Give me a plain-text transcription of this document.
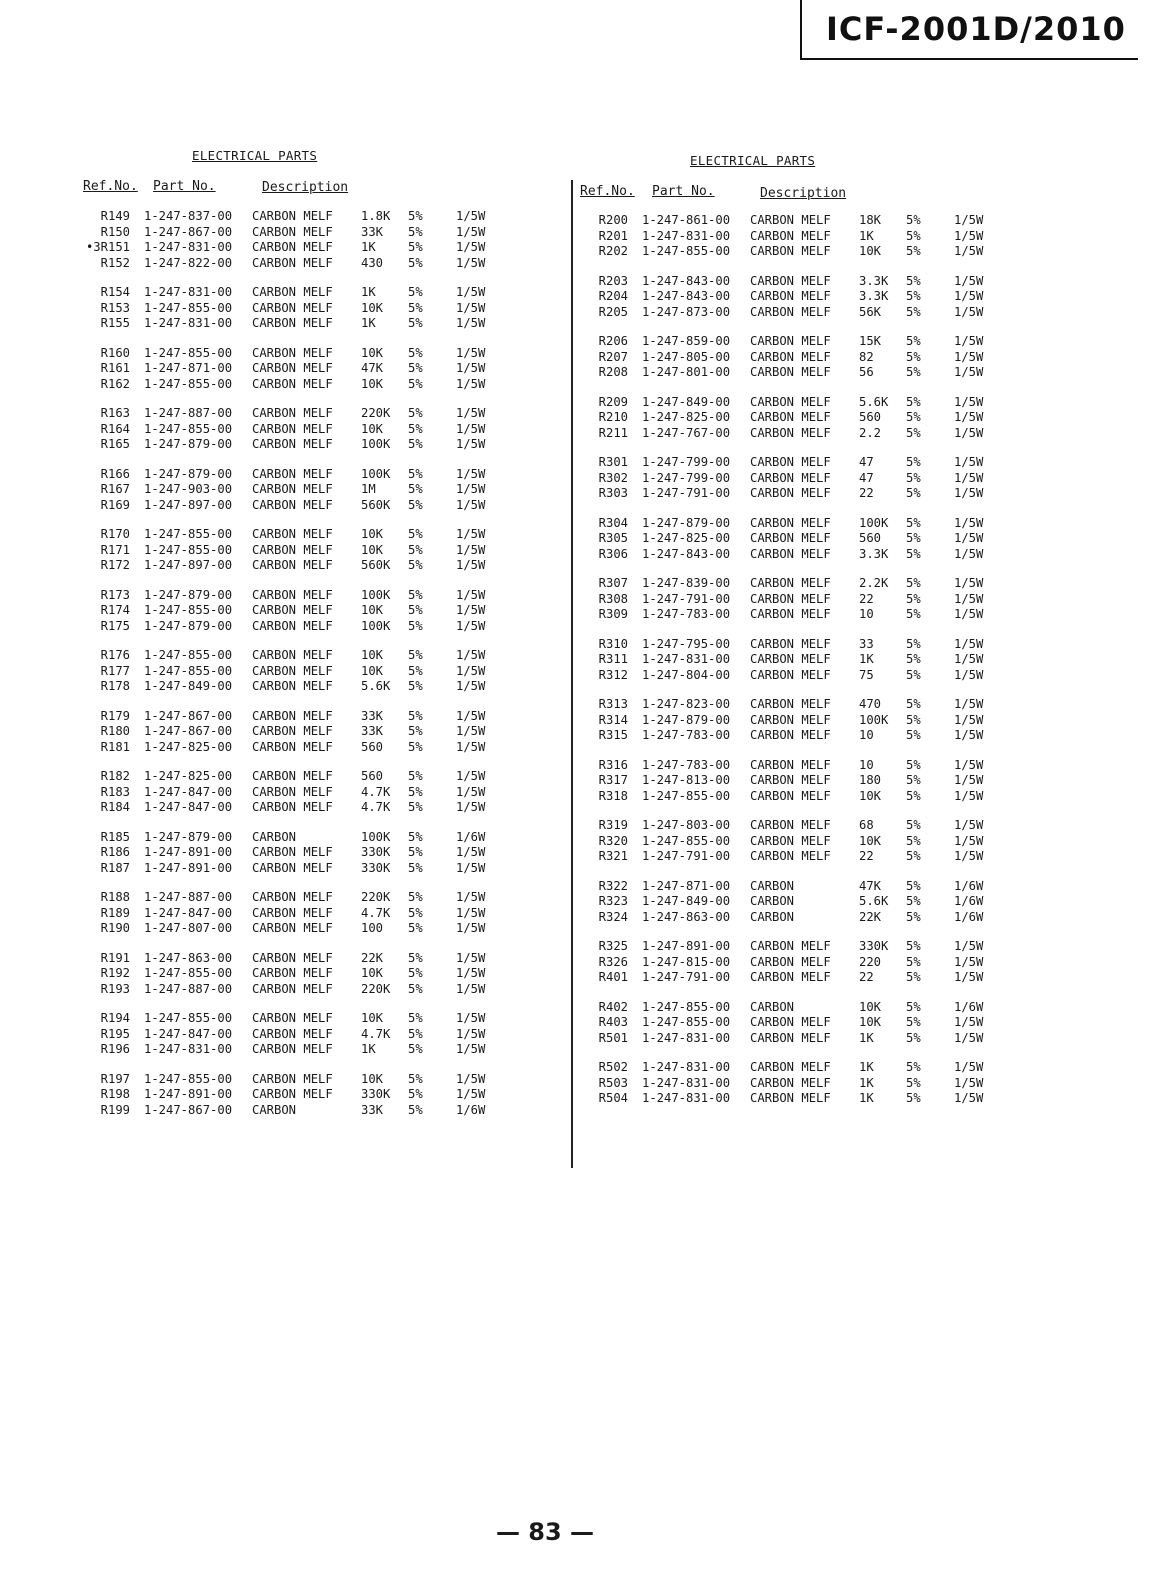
ICF-2001D/2010
ELECTRICAL PARTS
Ref.No. Part No.	Description
R149 1-247-837-00 CARBON MELF 1.8K 5%	1/5W
R150 1-247-867-00 CARBON MELF 33K 5%	1/5W
•3R151 1-247-831-00 CARBON MELF 1K	5%	1/5W
R152 1-247-822-00 CARBON MELF 430 5%	1/5W
R154 1-247-831-00 CARBON MELF 1K	5%	1/5W
R153 1-247-855-00 CARBON MELF 10K 5%	1/5W
R155 1-247-831-00 CARBON MELF 1K	5%	1/5W
R160 1-247-855-00 CARBON MELF 10K 5%	1/5W
R161 1-247-871-00 CARBON MELF 47K 5%	1/5W
R162 1-247-855-00 CARBON MELF 10K 5%	1/5W
R163 1-247-887-00 CARBON MELF 220K 5%	1/5W
R164 1-247-855-00 CARBON MELF 10K 5%	1/5W
R165 1-247-879-00 CARBON MELF 100K 5%	1/5W
R166 1-247-879-00 CARBON MELF 100K 5%	1/5W
R167 1-247-903-00 CARBON MELF 1M	5%	1/5W
R169 1-247-897-00 CARBON MELF 560K 5%	1/5W
R170 1-247-855-00 CARBON MELF 10K 5%	1/5W
R171 1-247-855-00 CARBON MELF 10K 5%	1/5W
R172 1-247-897-00 CARBON MELF 560K 5%	1/5W
R173 1-247-879-00 CARBON MELF 100K 5%	1/5W
R174 1-247-855-00 CARBON MELF 10K 5%	1/5W
R175 1-247-879-00 CARBON MELF 100K 5%	1/5W
R176 1-247-855-00 CARBON MELF 10K 5%	1/5W
R177 1-247-855-00 CARBON MELF 10K 5%	1/5W
R178 1-247-849-00 CARBON MELF 5.6K 5%	1/5W
R179 1-247-867-00 CARBON MELF 33K 5%	1/5W
R180 1-247-867-00 CARBON MELF 33K 5%	1/5W
R181 1-247-825-00 CARBON MELF 560 5%	1/5W
R182 1-247-825-00 CARBON MELF 560 5%	1/5W
R183 1-247-847-00 CARBON MELF 4.7K 5%	1/5W
R184 1-247-847-00 CARBON MELF 4.7K 5%	1/5W
R185 1-247-879-00 CARBON	100K 5%	1/6W
R186 1-247-891-00 CARBON MELF 330K 5%	1/5W
R187 1-247-891-00 CARBON MELF 330K 5%	1/5W
R188 1-247-887-00 CARBON MELF 220K 5%	1/5W
R189 1-247-847-00 CARBON MELF 4.7K 5%	1/5W
R190 1-247-807-00 CARBON MELF 100 5%	1/5W
R191 1-247-863-00 CARBON MELF 22K 5%	1/5W
R192 1-247-855-00 CARBON MELF 10K 5%	1/5W
R193 1-247-887-00 CARBON MELF 220K 5%	1/5W
R194 1-247-855-00 CARBON MELF 10K 5%	1/5W
R195 1-247-847-00 CARBON MELF 4.7K 5%	1/5W
R196 1-247-831-00 CARBON MELF 1K	5%	1/5W
R197 1-247-855-00 CARBON MELF 10K 5%	1/5W
R198 1-247-891-00 CARBON MELF 330K 5%	1/5W
R199 1-247-867-00 CARBON	33K 5%	1/6W
ELECTRICAL PARTS
Ref.No. Part No.	Description
R200 1-247-861-00 CARBON MELF 18K 5%	1/5W
R201 1-247-831-00 CARBON MELF 1K	5%	1/5W
R202 1-247-855-00 CARBON MELF 10K 5%	1/5W
R203 1-247-843-00 CARBON MELF 3.3K 5%	1/5W
R204 1-247-843-00 CARBON MELF 3.3K 5%	1/5W
R205 1-247-873-00 CARBON MELF 56K 5%	1/5W
R206 1-247-859-00 CARBON MELF 15K 5%	1/5W
R207 1-247-805-00 CARBON MELF 82	5%	1/5W
R208 1-247-801-00 CARBON MELF 56	5%	1/5W
R209 1-247-849-00 CARBON MELF 5.6K 5%	1/5W
R210 1-247-825-00 CARBON MELF 560 5%	1/5W
R211 1-247-767-00 CARBON MELF 2.2 5%	1/5W
R301 1-247-799-00 CARBON MELF 47	5%	1/5W
R302 1-247-799-00 CARBON MELF 47	5%	1/5W
R303 1-247-791-00 CARBON MELF 22	5%	1/5W
R304 1-247-879-00 CARBON MELF 100K 5%	1/5W
R305 1-247-825-00 CARBON MELF 560 5%	1/5W
R306 1-247-843-00 CARBON MELF 3.3K 5%	1/5W
R307 1-247-839-00 CARBON MELF 2.2K 5%	1/5W
R308 1-247-791-00 CARBON MELF 22	5%	1/5W
R309 1-247-783-00 CARBON MELF 10	5%	1/5W
R310 1-247-795-00 CARBON MELF 33	5%	1/5W
R311 1-247-831-00 CARBON MELF 1K	5%	1/5W
R312 1-247-804-00 CARBON MELF 75	5%	1/5W
R313 1-247-823-00 CARBON MELF 470 5%	1/5W
R314 1-247-879-00 CARBON MELF 100K 5%	1/5W
R315 1-247-783-00 CARBON MELF 10	5%	1/5W
R316 1-247-783-00 CARBON MELF 10	5%	1/5W
R317 1-247-813-00 CARBON MELF 180 5%	1/5W
R318 1-247-855-00 CARBON MELF 10K 5%	1/5W
R319 1-247-803-00 CARBON MELF 68	5%	1/5W
R320 1-247-855-00 CARBON MELF 10K 5%	1/5W
R321 1-247-791-00 CARBON MELF 22	5%	1/5W
R322 1-247-871-00 CARBON	47K 5%	1/6W
R323 1-247-849-00 CARBON	5.6K 5%	1/6W
R324 1-247-863-00 CARBON	22K 5%	1/6W
R325 1-247-891-00 CARBON MELF 330K 5%	1/5W
R326 1-247-815-00 CARBON MELF 220 5%	1/5W
R401 1-247-791-00 CARBON MELF 22	5%	1/5W
R402 1-247-855-00 CARBON	10K 5%	1/6W
R403 1-247-855-00 CARBON MELF 10K 5%	1/5W
R501 1-247-831-00 CARBON MELF 1K	5%	1/5W
R502 1-247-831-00 CARBON MELF 1K	5%	1/5W
R503 1-247-831-00 CARBON MELF 1K	5%	1/5W
R504 1-247-831-00 CARBON MELF 1K	5%	1/5W
— 83 —
